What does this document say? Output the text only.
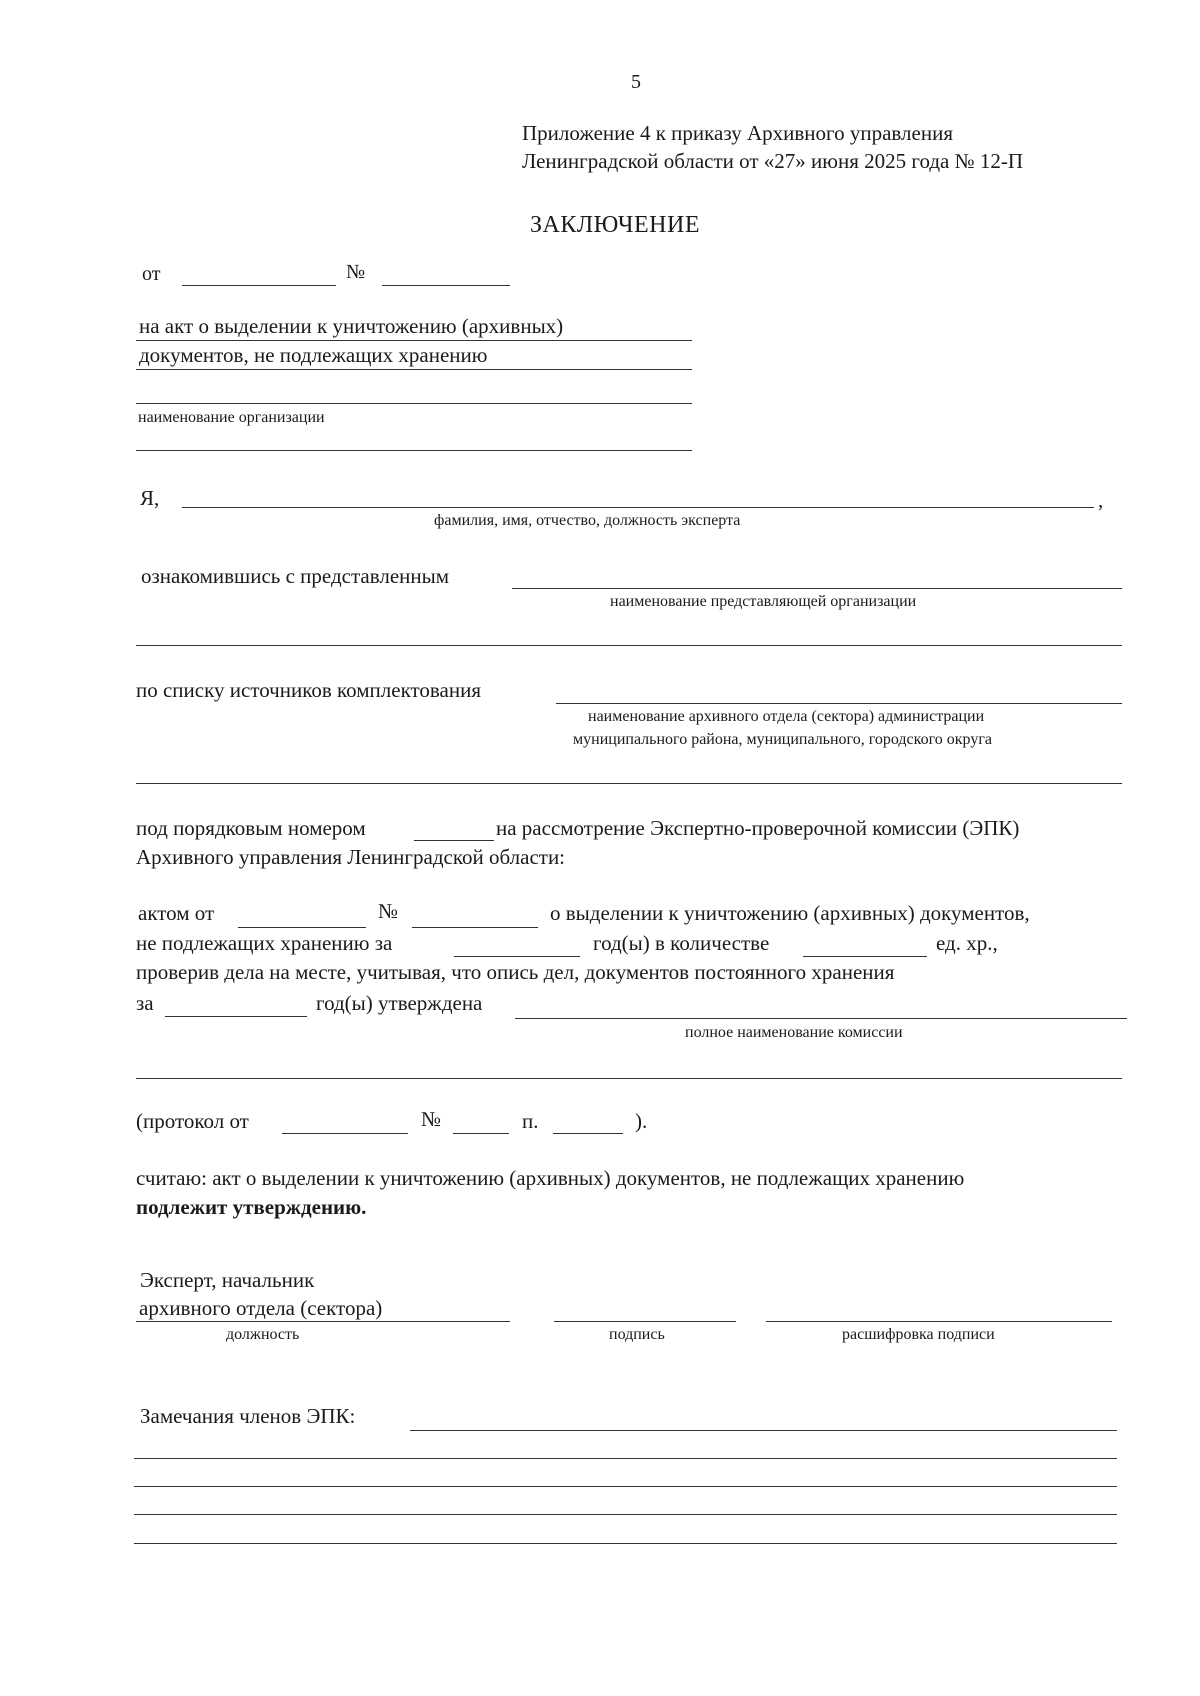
5
Приложение 4 к приказу Архивного управления
Ленинградской области от «27» июня 2025 года № 12-П
ЗАКЛЮЧЕНИЕ
от	№
на акт о выделении к уничтожению (архивных)
документов, не подлежащих хранению
наименование организации
Я,	,
фамилия, имя, отчество, должность эксперта
ознакомившись с представленным
наименование представляющей организации
по списку источников комплектования
наименование архивного отдела (сектора) администрации
муниципального района, муниципального, городского округа
под порядковым номером	на рассмотрение Экспертно-проверочной комиссии (ЭПК)
Архивного управления Ленинградской области:
актом от	№	о выделении к уничтожению (архивных) документов,
не подлежащих хранению за	год(ы) в количестве	ед. хр.,
проверив дела на месте, учитывая, что опись дел, документов постоянного хранения
за	год(ы) утверждена
полное наименование комиссии
(протокол от	№	п.	).
считаю: акт о выделении к уничтожению (архивных) документов, не подлежащих хранению
подлежит утверждению.
Эксперт, начальник
архивного отдела (сектора)
должность	подпись	расшифровка подписи
Замечания членов ЭПК:
